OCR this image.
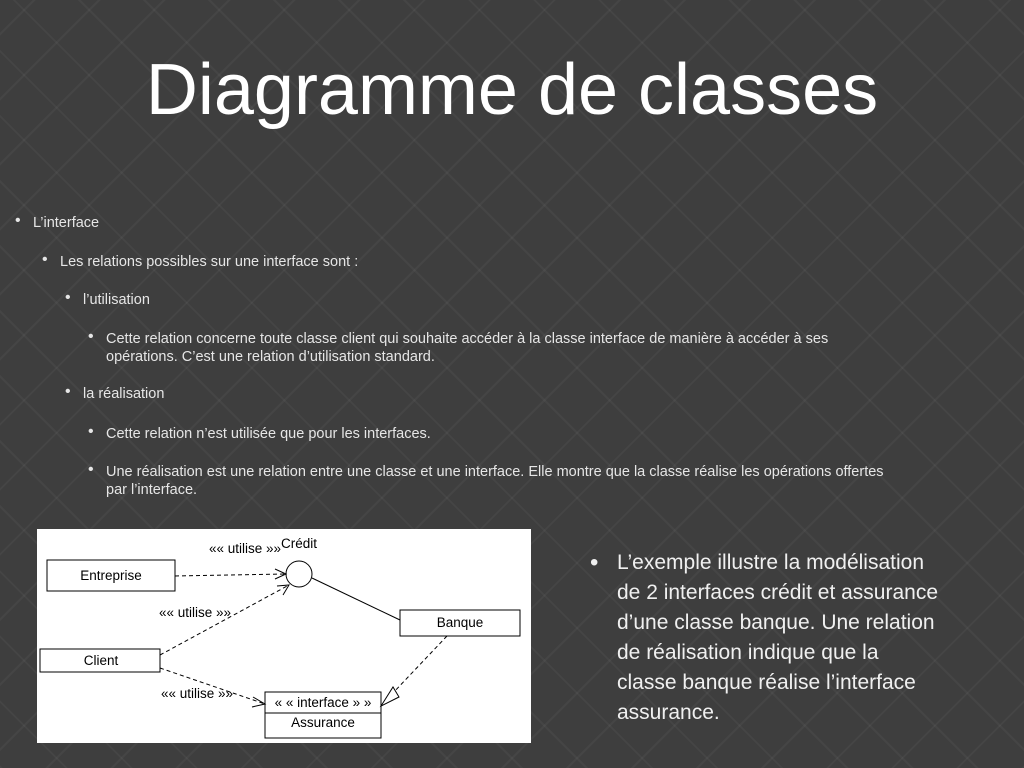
Diagramme de classes
• L’interface
• Les relations possibles sur une interface sont :
• l’utilisation
• Cette relation concerne toute classe client qui souhaite accéder à la classe interface de manière à accéder à ses
opérations. C’est une relation d’utilisation standard.
• la réalisation
• Cette relation n’est utilisée que pour les interfaces.
• Une réalisation est une relation entre une classe et une interface. Elle montre que la classe réalise les opérations offertes
par l’interface.
Entreprise
Client
Banque
« « interface » »
Assurance
Crédit
«« utilise »»
«« utilise »»
«« utilise »»
• L’exemple illustre la modélisation
de 2 interfaces crédit et assurance
d’une classe banque. Une relation
de réalisation indique que la
classe banque réalise l’interface
assurance.
